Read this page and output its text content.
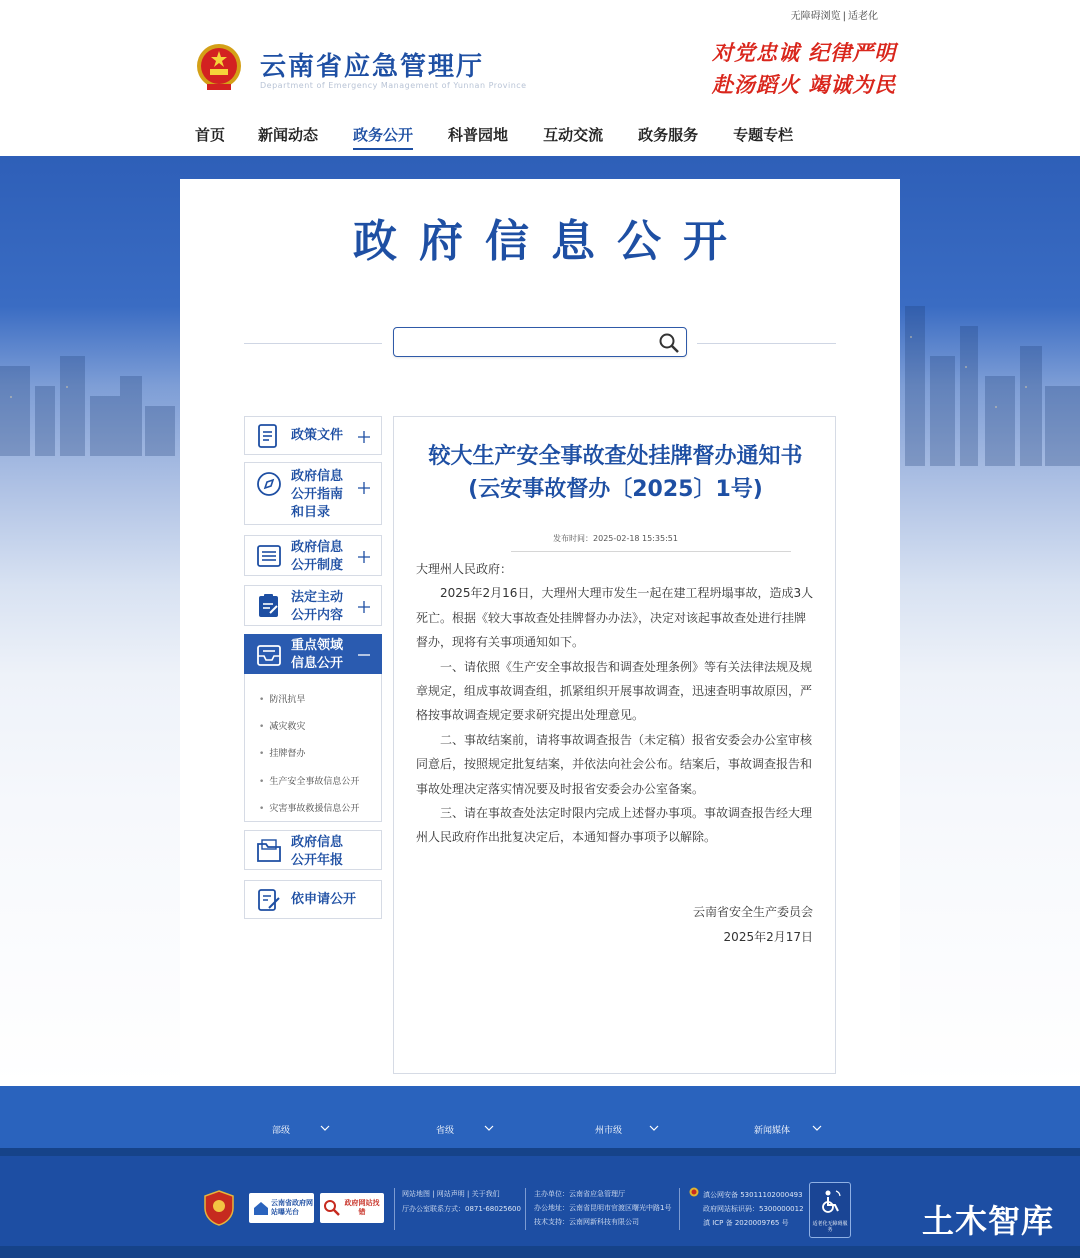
无障碍浏览 | 适老化
云南省应急管理厅
Department of Emergency Management of Yunnan Province
对党忠诚 纪律严明
赴汤蹈火 竭诚为民
首页 新闻动态 政务公开 科普园地 互动交流 政务服务 专题专栏
政府信息公开
政策文件
政府信息公开指南和目录
政府信息公开制度
法定主动公开内容
重点领域信息公开
• 防汛抗旱
• 减灾救灾
• 挂牌督办
• 生产安全事故信息公开
• 灾害事故救援信息公开
政府信息公开年报
依申请公开
较大生产安全事故查处挂牌督办通知书
(云安事故督办〔2025〕1号)
发布时间：2025-02-18 15:35:51

大理州人民政府：

2025年2月16日，大理州大理市发生一起在建工程坍塌事故，造成3人死亡。根据《较大事故查处挂牌督办办法》，决定对该起事故查处进行挂牌督办，现将有关事项通知如下。

一、请依照《生产安全事故报告和调查处理条例》等有关法律法规及规章规定，组成事故调查组，抓紧组织开展事故调查，迅速查明事故原因，严格按事故调查规定要求研究提出处理意见。

二、事故结案前，请将事故调查报告（未定稿）报省安委会办公室审核同意后，按照规定批复结案，并依法向社会公布。结案后，事故调查报告和事故处理决定落实情况要及时报省安委会办公室备案。

三、请在事故查处法定时限内完成上述督办事项。事故调查报告经大理州人民政府作出批复决定后，本通知督办事项予以解除。

云南省安全生产委员会
2025年2月17日
部级	省级	州市级	新闻媒体
云南省政府网站曝光台
政府网站找错
网站地图 | 网站声明 | 关于我们
厅办公室联系方式：0871-68025600
主办单位：云南省应急管理厅
办公地址：云南省昆明市官渡区曙光中路1号
技术支持：云南网新科技有限公司
滇公网安备 53011102000493
政府网站标识码：5300000012
滇 ICP 备 2020009765 号	适老化无障碍服务	土木智库
